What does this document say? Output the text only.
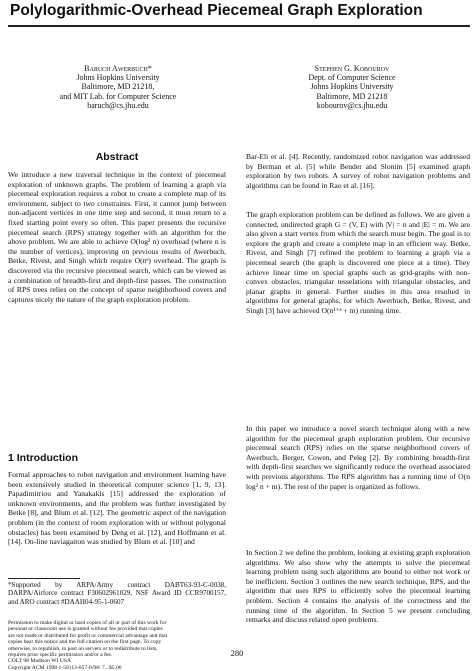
Polylogarithmic-Overhead Piecemeal Graph Exploration
Baruch Awerbuch*
Johns Hopkins University
Baltimore, MD 21218,
and MIT Lab. for Computer Science
baruch@cs.jhu.edu
Stephen G. Kobourov
Dept. of Computer Science
Johns Hopkins University
Baltimore, MD 21218
kobourov@cs.jhu.edu
Abstract

We introduce a new traversal technique in the context of piecemeal exploration of unknown graphs. The problem of learning a graph via piecemeal exploration requires a robot to create a complete map of its environment, subject to two constraints. First, it cannot jump between non-adjacent vertices in one time step and second, it must return to a fixed starting point every so often. This paper presents the recursive piecemeal search (RPS) strategy together with an algorithm for the above problem. We are able to achieve O(log² n) overhead (where n is the number of vertices), improving on previous results of Awerbuch, Betke, Rivest, and Singh which require O(nᵉ) overhead. The graph is discovered via the recursive piecemeal search, which can be viewed as a combination of breadth-first and depth-first passes. The construction of RPS trees relies on the concept of sparse neighborhood covers and captures nicely the nature of the graph exploration problem.

1 Introduction

Formal approaches to robot navigation and environment learning have been extensively studied in theoretical computer science [1, 9, 13]. Papadimitriou and Yanakakis [15] addressed the exploration of unknown environments, and the problem was further investigated by Betke [8], and Blum et al. [12]. The geometric aspect of the navigation problem (in the context of room exploration with or without polygonal obstacles) has been examined by Deng et al. [12], and Hoffmann et al. [14]. On-line naviagaiton was studied by Blum et al. [10] and

*Supported by ARPA/Army contract DABT63-93-C-0038, DARPA/Airforce contract F30602961029, NSF Award ID CCR9700157, and ARO contract #DAAH04-95-1-0607
Permission to make digital or hard copies of all or part of this work for
personal or classroom use is granted without fee provided that copies
are not made or distributed for profit or commercial advantage and that
copies bear this notice and the full citation on the first page. To copy
otherwise, to republish, to post on servers or to redistribute to lists,
requires prior specific permission and/or a fee.
COLT 98 Madison WI USA
Copyright ACM 1998 1-58113-057-0/98/ 7...$5.00

Bar-Eli et al. [4]. Recently, randomized robot navigation was addressed by Berman et al. [5] while Bender and Slonim [5] examined graph exploration by two robots. A survey of robot navigation problems and algorithms can be found in Rao et al. [16].

The graph exploration problem can be defined as follows. We are given a connected, undirected graph G = (V, E) with |V| = n and |E| = m. We are also given a start vertex from which the search must begin. The goal is to explore the graph and create a complete map in an efficient way. Betke, Rivest, and Singh [7] refined the problem to learning a graph via a piecemeal search (the graph is discovered one piece at a time). They achieve linear time on special graphs such as grid-graphs with non-convex obstacles, triangular tesselations with triangular obstacles, and planar graphs in general. Further studies in this area resulted in algorithms for general graphs, for which Awerbuch, Betke, Rivest, and Singh [3] have achieved O(n¹⁺ᵉ + m) running time.

In this paper we introduce a novel search technique along with a new algorithm for the piecemeal graph exploration problem. Our recursive piecemeal search (RPS) relies on the sparse neighborhood covers of Awerbuch, Berger, Cowen, and Peleg [2]. By combining breadth-first with depth-first searches we significantly reduce the overhead associated with previous algorithms. The RPS algorithm has a running time of O(n log² n + m). The rest of the paper is organized as follows.

In Section 2 we define the problem, looking at existing graph exploration algorithms. We also show why the attempts to solve the piecemeal learning problem using such algorithms are bound to either not work or be inefficient. Section 3 outlines the new search technique, RPS, and the algorithm that uses RPS to efficiently solve the piecemeal learning problem. Section 4 contains the analysis of the correctness and the running time of the algorithm. In Section 5 we present concluding remarks and discuss related open problems.

280
